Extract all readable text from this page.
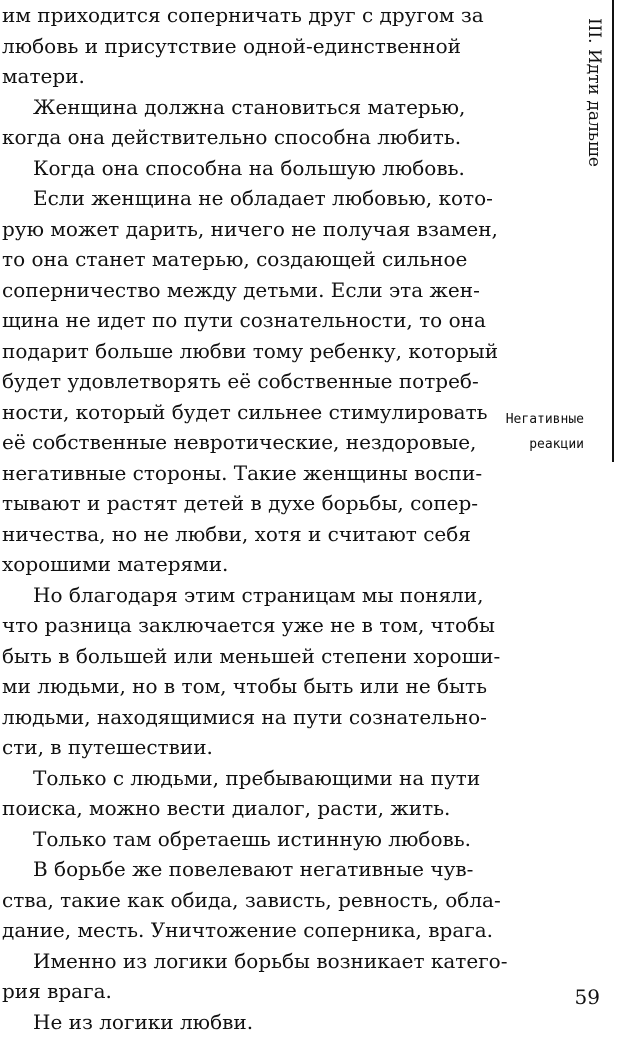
им приходится соперничать друг с другом за
любовь и присутствие одной-единственной
матери.
Женщина должна становиться матерью,
когда она действительно способна любить.
Когда она способна на большую любовь.
Если женщина не обладает любовью, кото-
рую может дарить, ничего не получая взамен,
то она станет матерью, создающей сильное
соперничество между детьми. Если эта жен-
щина не идет по пути сознательности, то она
подарит больше любви тому ребенку, который
будет удовлетворять её собственные потреб-
ности, который будет сильнее стимулировать
её собственные невротические, нездоровые,
негативные стороны. Такие женщины воспи-
тывают и растят детей в духе борьбы, сопер-
ничества, но не любви, хотя и считают себя
хорошими матерями.
Но благодаря этим страницам мы поняли,
что разница заключается уже не в том, чтобы
быть в большей или меньшей степени хороши-
ми людьми, но в том, чтобы быть или не быть
людьми, находящимися на пути сознательно-
сти, в путешествии.
Только с людьми, пребывающими на пути
поиска, можно вести диалог, расти, жить.
Только там обретаешь истинную любовь.
В борьбе же повелевают негативные чув-
ства, такие как обида, зависть, ревность, обла-
дание, месть. Уничтожение соперника, врага.
Именно из логики борьбы возникает катего-
рия врага.
Не из логики любви.
III. Идти дальше
Негативные
реакции
59
